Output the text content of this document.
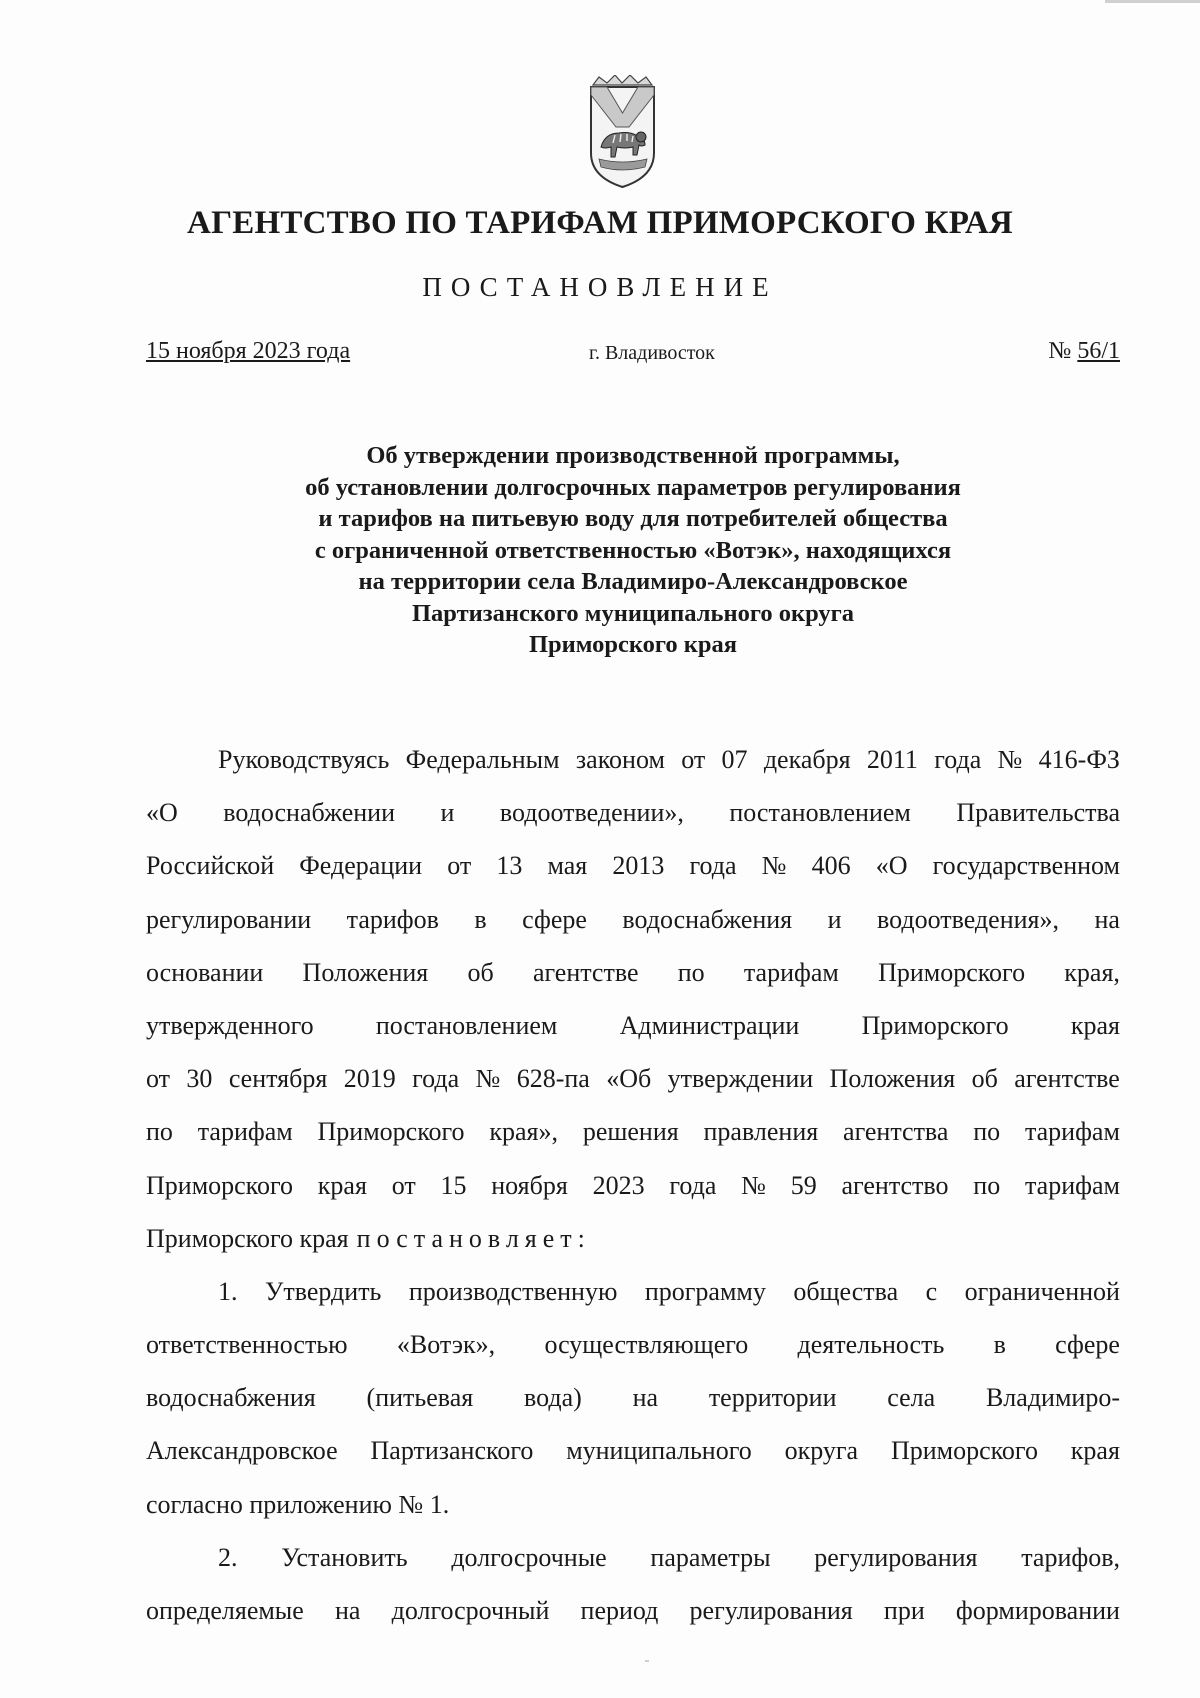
АГЕНТСТВО ПО ТАРИФАМ ПРИМОРСКОГО КРАЯ
ПОСТАНОВЛЕНИЕ
15 ноября 2023 года	г. Владивосток	№ 56/1
Об утверждении производственной программы,
об установлении долгосрочных параметров регулирования
и тарифов на питьевую воду для потребителей общества
с ограниченной ответственностью «Вотэк», находящихся
на территории села Владимиро-Александровское
Партизанского муниципального округа
Приморского края
Руководствуясь Федеральным законом от 07 декабря 2011 года № 416-ФЗ
«О водоснабжении и водоотведении», постановлением Правительства
Российской Федерации от 13 мая 2013 года № 406 «О государственном
регулировании тарифов в сфере водоснабжения и водоотведения», на
основании Положения об агентстве по тарифам Приморского края,
утвержденного постановлением Администрации Приморского края
от 30 сентября 2019 года № 628-па «Об утверждении Положения об агентстве
по тарифам Приморского края», решения правления агентства по тарифам
Приморского края от 15 ноября 2023 года № 59 агентство по тарифам
Приморского края постановляет:
1. Утвердить производственную программу общества с ограниченной
ответственностью «Вотэк», осуществляющего деятельность в сфере
водоснабжения (питьевая вода) на территории села Владимиро-
Александровское Партизанского муниципального округа Приморского края
согласно приложению № 1.
2. Установить долгосрочные параметры регулирования тарифов,
определяемые на долгосрочный период регулирования при формировании
